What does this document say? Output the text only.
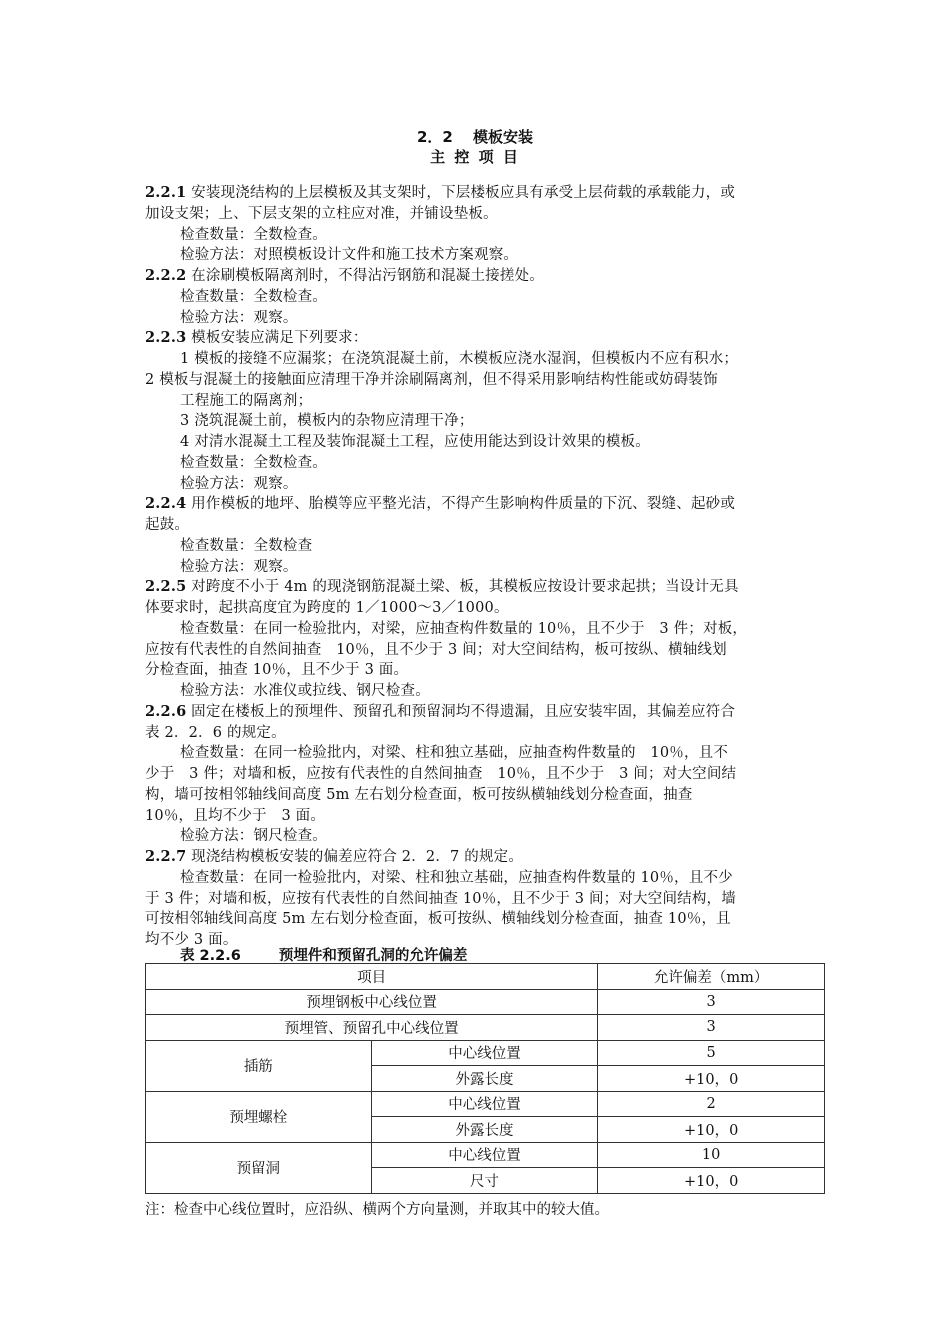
2．2　 模板安装
主 控 项 目
2.2.1 安装现浇结构的上层模板及其支架时，下层楼板应具有承受上层荷载的承载能力，或
加设支架；上、下层支架的立柱应对准，并铺设垫板。
检查数量：全数检查。
检验方法：对照模板设计文件和施工技术方案观察。
2.2.2 在涂刷模板隔离剂时，不得沾污钢筋和混凝土接搓处。
检查数量：全数检查。
检验方法：观察。
2.2.3 模板安装应满足下列要求：
1 模板的接缝不应漏浆；在浇筑混凝土前，木模板应浇水湿润，但模板内不应有积水；
2 模板与混凝土的接触面应清理干净并涂刷隔离剂，但不得采用影响结构性能或妨碍装饰
工程施工的隔离剂；
3 浇筑混凝土前，模板内的杂物应清理干净；
4 对清水混凝土工程及装饰混凝土工程，应使用能达到设计效果的模板。
检查数量：全数检查。
检验方法：观察。
2.2.4 用作模板的地坪、胎模等应平整光洁，不得产生影响构件质量的下沉、裂缝、起砂或
起鼓。
检查数量：全数检查
检验方法：观察。
2.2.5 对跨度不小于 4m 的现浇钢筋混凝土梁、板，其模板应按设计要求起拱；当设计无具
体要求时，起拱高度宜为跨度的 1／1000～3／1000。
检查数量：在同一检验批内，对梁，应抽查构件数量的 10％，且不少于　3 件；对板，
应按有代表性的自然间抽查　10％，且不少于 3 间；对大空间结构，板可按纵、横轴线划
分检查面，抽查 10％，且不少于 3 面。
检验方法：水准仪或拉线、钢尺检查。
2.2.6 固定在楼板上的预埋件、预留孔和预留洞均不得遗漏，且应安装牢固，其偏差应符合
表 2．2．6 的规定。
检查数量：在同一检验批内，对梁、柱和独立基础，应抽查构件数量的　10％，且不
少于　3 件；对墙和板，应按有代表性的自然间抽查　10％，且不少于　3 间；对大空间结
构，墙可按相邻轴线间高度 5m 左右划分检查面，板可按纵横轴线划分检查面，抽查
10％，且均不少于　3 面。
检验方法：钢尺检查。
2.2.7 现浇结构模板安装的偏差应符合 2．2．7 的规定。
检查数量：在同一检验批内，对梁、柱和独立基础，应抽查构件数量的 10％，且不少
于 3 件；对墙和板，应按有代表性的自然间抽查 10％，且不少于 3 间；对大空间结构，墙
可按相邻轴线间高度 5m 左右划分检查面，板可按纵、横轴线划分检查面，抽查 10％，且
均不少 3 面。
表 2.2.6	预埋件和预留孔洞的允许偏差
项目		允许偏差（mm）
预埋钢板中心线位置		3
预埋管、预留孔中心线位置		3
插筋	中心线位置	5
	外露长度	+10，0
预埋螺栓	中心线位置	2
	外露长度	+10，0
预留洞	中心线位置	10
	尺寸	+10，0
注：检查中心线位置时，应沿纵、横两个方向量测，并取其中的较大值。
